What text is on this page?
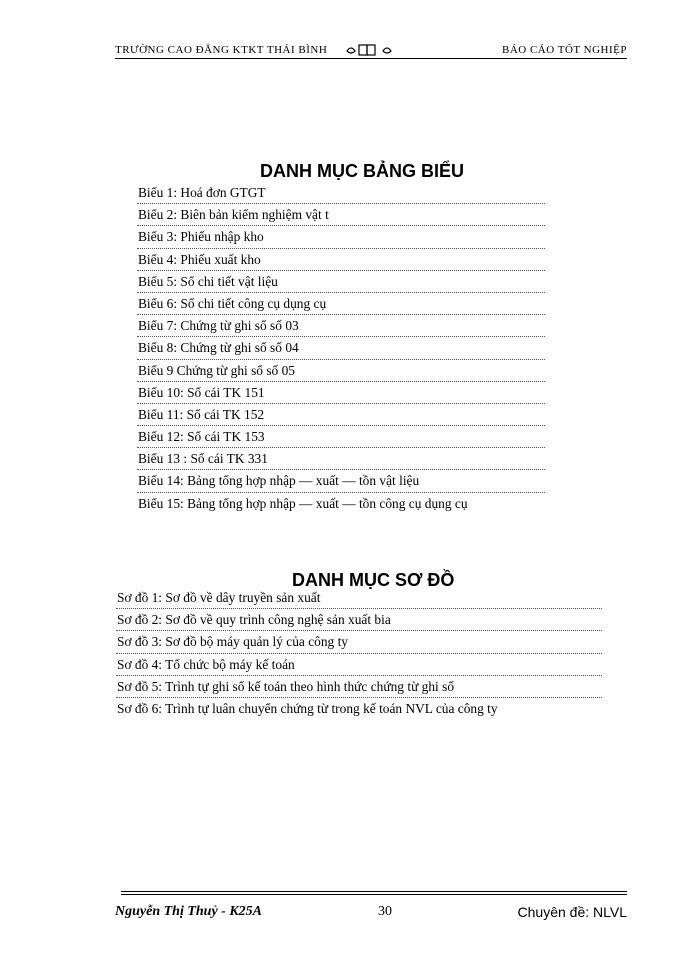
TRƯỜNG CAO ĐẲNG KTKT THÁI BÌNH	BÁO CÁO TỐT NGHIỆP
DANH MỤC BẢNG BIỂU
Biểu 1: Hoá đơn GTGT
Biểu 2: Biên bản kiểm nghiệm vật t
Biểu 3: Phiếu nhập kho
Biểu 4: Phiếu xuất kho
Biểu 5: Sổ chi tiết vật liệu
Biểu 6: Sổ chi tiết công cụ dụng cụ
Biểu 7: Chứng từ ghi sổ số 03
Biểu 8: Chứng từ ghi sổ số 04
Biểu 9 Chứng từ ghi sổ số 05
Biểu 10: Sổ cái TK 151
Biểu 11: Sổ cái TK 152
Biểu 12: Sổ cái TK 153
Biểu 13 : Sổ cái TK 331
Biểu 14: Bảng tổng hợp nhập — xuất — tồn vật liệu
Biểu 15: Bảng tổng hợp nhập — xuất — tồn công cụ dụng cụ
DANH MỤC SƠ ĐỒ
Sơ đồ 1: Sơ đồ về dây truyền sản xuất
Sơ đồ 2: Sơ đồ về quy trình công nghệ sản xuất bia
Sơ đồ 3: Sơ đồ bộ máy quản lý của công ty
Sơ đồ 4: Tổ chức bộ máy kế toán
Sơ đồ 5: Trình tự ghi sổ kế toán theo hình thức chứng từ ghi sổ
Sơ đồ 6: Trình tự luân chuyển chứng từ trong kế toán NVL của công ty
Nguyễn Thị Thuỷ - K25A	30	Chuyên đề: NLVL
